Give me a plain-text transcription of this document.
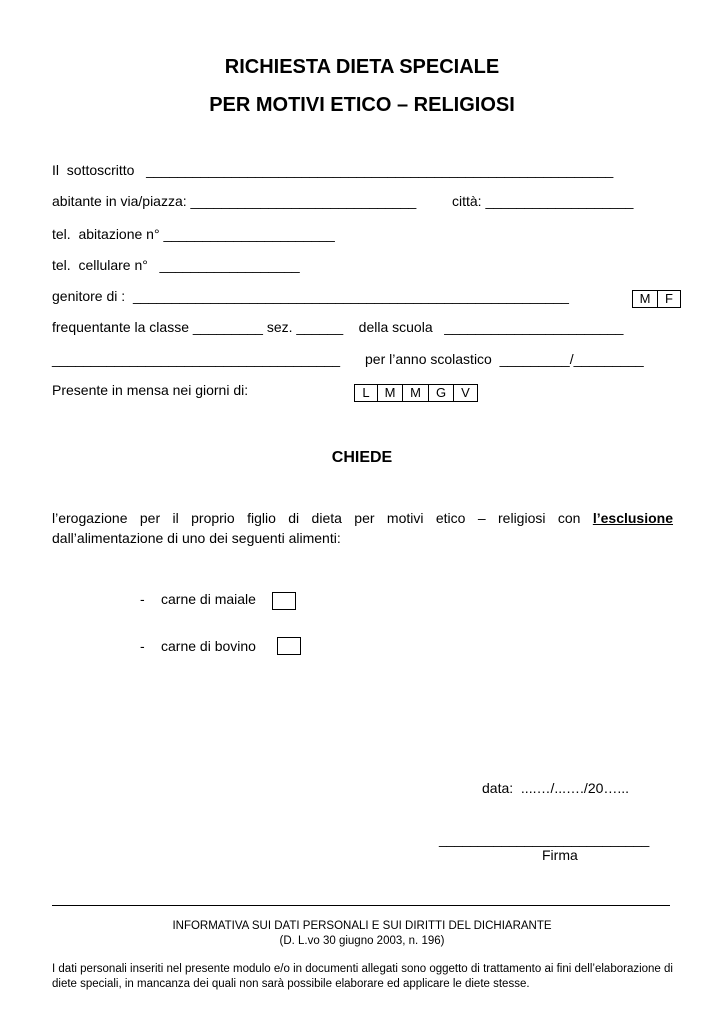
RICHIESTA DIETA SPECIALE
PER MOTIVI ETICO – RELIGIOSI
Il  sottoscritto   ____________________________________________________________
abitante in via/piazza: _____________________________	città: ___________________
tel.  abitazione n° ______________________
tel.  cellulare n°   __________________
genitore di :  ________________________________________________________	M	F
frequentante la classe _________ sez. ______    della scuola   _______________________
_____________________________________ per l’anno scolastico  _________/_________
Presente in mensa nei giorni di:	L	M	M	G	V
CHIEDE
l’erogazione per il proprio figlio di dieta per motivi etico – religiosi con l’esclusione dall’alimentazione di uno dei seguenti alimenti:
- carne di maiale
- carne di bovino
data:  ....…/...…./20…...
___________________________
Firma
INFORMATIVA SUI DATI PERSONALI E SUI DIRITTI DEL DICHIARANTE
(D. L.vo 30 giugno 2003, n. 196)
I dati personali inseriti nel presente modulo e/o in documenti allegati sono oggetto di trattamento ai fini dell’elaborazione di diete speciali, in mancanza dei quali non sarà possibile elaborare ed applicare le diete stesse.
